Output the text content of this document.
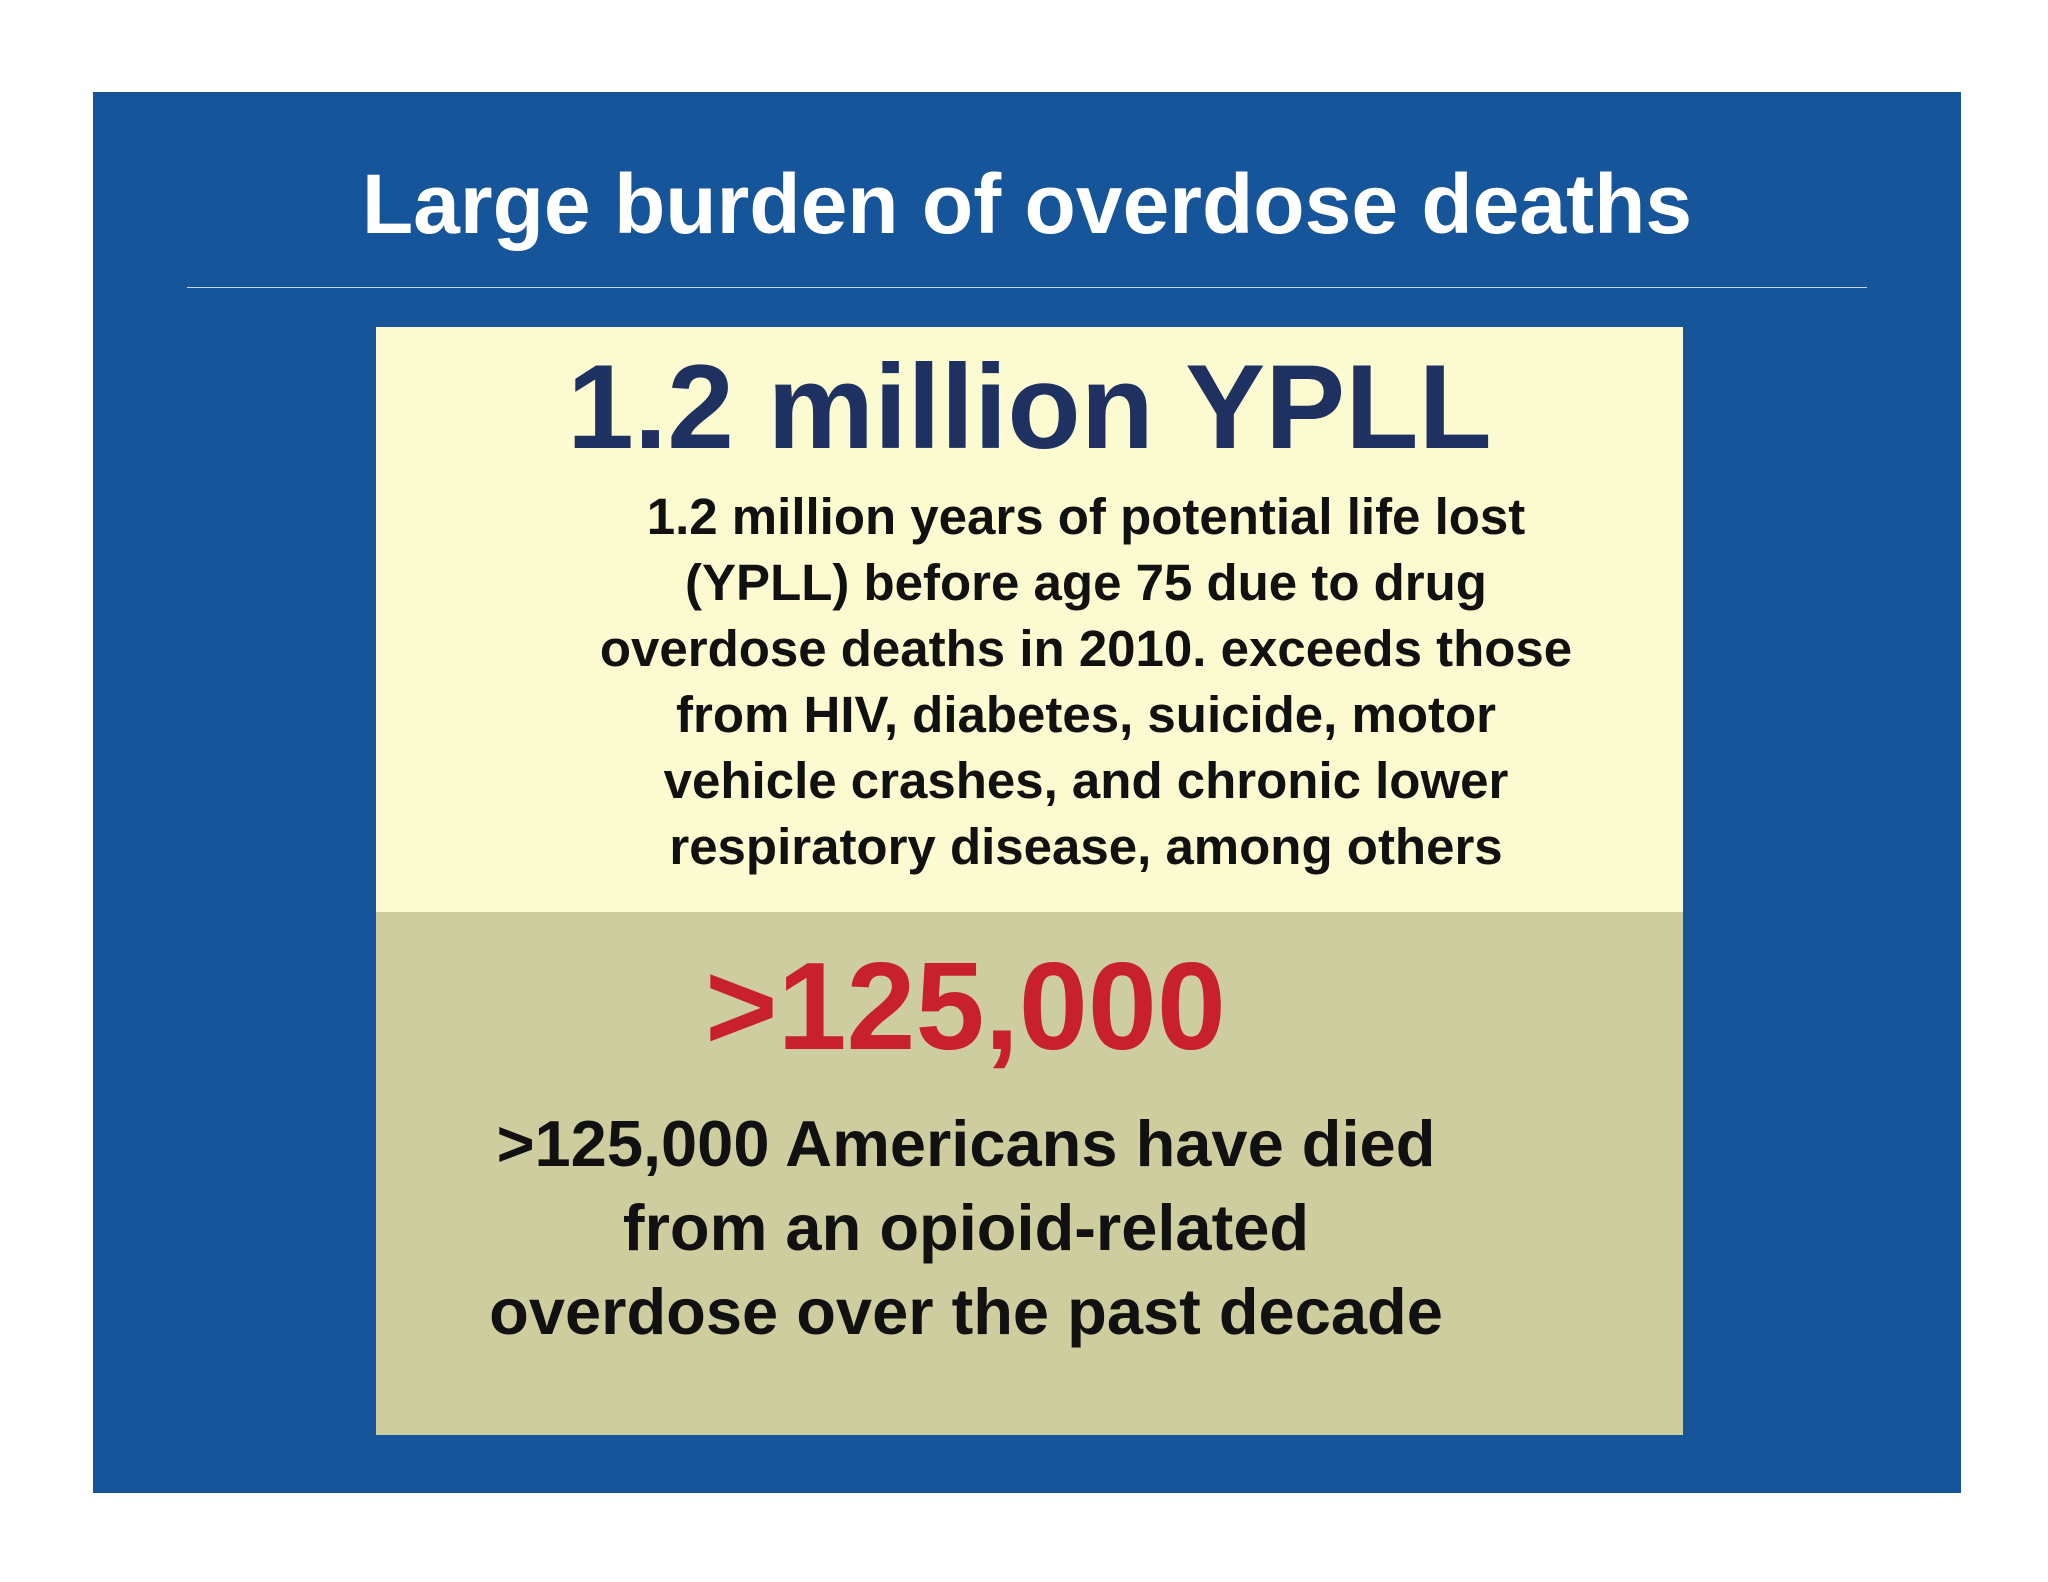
Large burden of overdose deaths
1.2 million YPLL
1.2 million years of potential life lost
(YPLL) before age 75 due to drug
overdose deaths in 2010. exceeds those
from HIV, diabetes, suicide, motor
vehicle crashes, and chronic lower
respiratory disease, among others
>125,000
>125,000 Americans have died
from an opioid-related
overdose over the past decade
